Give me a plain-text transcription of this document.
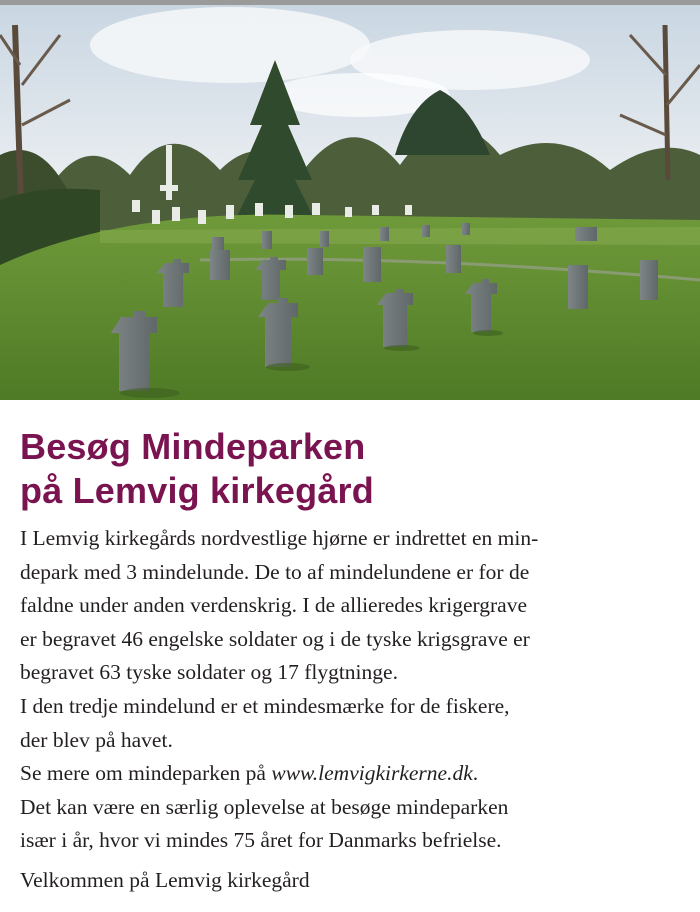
Besøg Mindeparken
på Lemvig kirkegård

I Lemvig kirkegårds nordvestlige hjørne er indrettet en min-
depark med 3 mindelunde. De to af mindelundene er for de
faldne under anden verdenskrig. I de allieredes krigergrave
er begravet 46 engelske soldater og i de tyske krigsgrave er
begravet 63 tyske soldater og 17 flygtninge.

I den tredje mindelund er et mindesmærke for de fiskere,
der blev på havet.

Se mere om mindeparken på www.lemvigkirkerne.dk.

Det kan være en særlig oplevelse at besøge mindeparken
især i år, hvor vi mindes 75 året for Danmarks befrielse.

Velkommen på Lemvig kirkegård
